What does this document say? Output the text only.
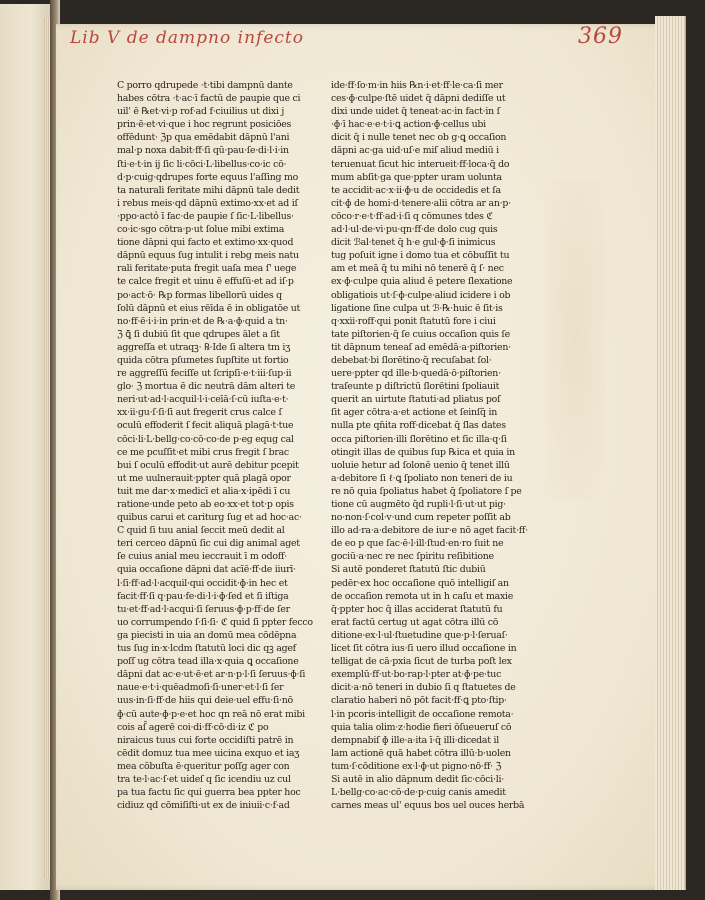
Lib V de dampno infecto	369
C porro qdrupede ·t·tibi dampnū dante
habes cōtra ·t·ac·ī factū de paupie que ci
uil' ē ℞et·vi·p rof·ad f·ciuilius ut dixi j
prin·ē·et·vi·que i hoc regrunt posiciōes
offēdunt· ℨp qua emēdabit dāpnū l'ani
mal·p noxa dabit·ff·ſi qū·pau·ſe·di·l·i·in
ſti·e·t·in ij ſic li·cōci·L·libellus·co·ic cō·
d·p·cuig·qdrupes forte equus l'aſſing mo
ta naturali feritate mihi dāpnū tale dedit
i rebus meis·qd dāpnū extimo·xx·et ad iſ
·ppo·acto̾ ī fac·de paupie ſ ſic·L·libellus·
co·ic·sgo cōtra·p·ut ſolue mibi extima
tione dāpni qui facto et extimo·xx·quod
dāpnū equus ſug intulit i rebg meis natu
rali feritate·puta fregit uaſa mea ſ' uege
te calce fregit et uinu ē effuſū·et ad iſ·p
po·act·ō· ℞p formas libellorū uides q
ſolū dāpnū et eius rēīda ē in obligatōe ut
no·ff·ē·i·i·in prin·et de ℞·a·ɸ·quid a tn·
ℨ ꝗ̄ ſi dubiū ſit que qdrupes ālet a ſit
aggreſſa et utraqꝫ· ℞·Ide ſi altera tm iʒ
quida cōtra pſumetes ſupſtite ut fortio
re aggreſſū feciſſe ut ſcripſi·e·t·iii·ſup·ii
glo· ℨ mortua ē dic neutrā dām alteri te
neri·ut·ad·l·acquil·l·i·ceīā·ſ·cū iuſta·e·t·
xx·ii·gu·ſ·ſi·ſi aut fregerit crus calce ſ
oculū effoderit ſ fecit aliquā plagā·t·tue
cōci·li·L·bellg·co·cō·co·de p·eg equg cal
ce me pcuſſit·et mibi crus fregit ſ brac
bui ſ oculū effodit·ut aurē debitur pcepit
ut me uulnerauit·ppter quā plagā opor
tuit me dar·x·medicī et alia·x·ipēdi ī cu
ratione·unde peto ab eo·xx·et tot·p opis
quibus carui et cariturg ſug et ad hoc·ac·
C quid ſi tuu anial ſeccit meū dedit al
teri cerceo dāpnū ſic cui dig animal aget
ſe cuius anial meu ieccrauit ī m odoff·
quia occaſione dāpni dat acīē·ff·de iiurī·
l·ſi·ff·ad·l·acquil·qui occidit·ɸ·in hec et
facit·ff·ſi q·pau·fe·di·l·i·ɸ·ſed et ſi iſtiga
tu·et·ff·ad·l·acqui·ſi ſeruus·ɸ·p·ff·de ſer
uo corrumpendo ſ·ſi·ſi· ℭ quid ſi ppter fecco
ga piecisti in uia an domū mea cōdēpna
tus ſug in·x·lcdm ſtatutū loci dic qꝫ agef
poſſ ug cōtra tead illa·x·quia ꝗ occaſione
dāpni dat ac·e·ut·ē·et ar·n·p·l·ſi ſeruus·ɸ·ſi
naue·e·t·i·quēadmoſi·ſi·uner·et·l·ſi ſer
uus·in·ſi·ff·de hiis qui deie·uel effu·ſi·nō
ɸ·cū aute·ɸ·p·e·et hoc qn reā nō erat mibi
cois aſ̄ agerē coi·di·ff·cō·di·iz ℭ po
niraicus tuus cui forte occidiſti patrē in
cēdit domuz tua mee uicina exquo et iaʒ
mea cōbuſta ē·queritur poſſg ager con
tra te·l·ac·ſ·et uideſ q ſic icendiu uz cul
pa tua factu ſic qui guerra bea ppter hoc
cidiuz qd cōmiſiſti·ut ex de iniuii·c·f·ad
ide·ff·ſo·m·in hiis ℞n·i·et·ff·le·ca·ſi mer
ces·ɸ·culpe·ſtē uidet q̄ dāpni dediſſe ut
dixi unde uidet q̄ teneat·ac·in fact·in ſ
·ɸ·ī hac·e·e·t·i·ꝗ action·ɸ·cellus ubi
dicit q̄ i nulle tenet nec ob g·ꝗ occaſion
dāpni ac·ga uid·uſ·e miſ aliud mediū i
teruenuat ſicut hic interueit·ff·loca·q̄ do
mum abſit·ga que·ppter uram uolunta
te accidit·ac·x·ii·ɸ·u de occidedis et ſa
cit·ɸ de homi·d·tenere·alii cōtra ar an·p·
cōco·r·e·t·ff·ad·i·ſi q cōmunes tdes ℭ
ad·l·ul·de·vi·pu·qn·ff·de dolo cug quis
dicit ℬal·tenet q̄ h·e gul·ɸ·ſi inimicus
tug poſuit igne i domo tua et cōbuſſit tu
am et meā q̄ tu mihi nō tenerē q̄ ſ· nec
ex·ɸ·culpe quia aliud ē petere ſlexatione
obligatiois ut·ſ·ɸ·culpe·aliud icidere i ob
ligatione ſine culpa ut ℬ·℞·huic ē ſit·is
q·xxii·roff·qui ponit ſtatutū fore i ciui
tate piſtorien·q̄ ſe cuius occaſion quis ſe
tit dāpnum teneaſ ad emēdā·a·piſtorien·
debebat·bi ſlorētino·q̄ recuſabat ſol·
uere·ppter qd ille·b·quedā·ō·piſtorien·
traſeunte p diſtrictū ſlorētini ſpoliauit
querit an uirtute ſtatuti·ad pliatus poſ
ſit ager cōtra·a·et actione et ſeinſq̄ in
nulla pte qn̄ita roff·dicebat q̄ ſlas dates
occa piſtorien·illi ſlorētino et ſic illa·q·ſi
otingit illas de quibus ſup ℞ica et quia in
uoluie hetur ad ſolonē uenio q̄ tenet illū
a·debitore ſi ℓ·ꝗ ſpoliato non teneri de iu
re nō quia ſpoliatus habet q̄ ſpoliatore ſ pe
tione cū augmēto q̄d rupli·l·ſi·ut·ut pig·
no·non·ſ·col·v·und cum repeter poſſit ab
illo ad·ra·a·debitore de iur·e nō aget facit·ff·
de eo p que ſac·ē·l·ill·ſtud·en·ro ſuit ne
gociū·a·nec re nec ſpiritu reſibitione
Si autē ponderet ſtatutū ſtic dubiū
pedēr·ex hoc occaſione quō intelligiſ an
de occaſion remota ut in h caſu et maxie
q̄·ppter hoc q̄ illas acciderat ſtatutū fu
erat factū certug ut agat cōtra illū cō
ditione·ex·l·ul·ſtuetudine que·p·l·ſeruaſ·
licet ſit cōtra ius·ſi uero illud occaſione in
telligat de cā·pxia ſicut de turba poſt lex
exemplū·ff·ut·bo·rap·l·pter at·ɸ·pe·tuc
dicit·a·nō teneri in dubio ſi q ſtatuetes de
claratio haberi nō pōt facit·ff·ꝗ pto·ſtip·
l·in pcoris·intelligit de occaſione remota·
quia talia olim·z·hodie fieri ōſueueruſ cō
dempnabiſ ɸ ille·a·ita ī·q̄ illi·dicedat il
lam actionē quā habet cōtra illū·b·uolen
tum·ſ·cōditione ex·l·ɸ·ut pigno·nō·ff· ℨ
Si autē in alio dāpnum dedit ſic·cōci·li·
L·bellg·co·ac·cō·de·p·cuig canis amedit
carnes meas ul' equus bos uel ouces herbā
